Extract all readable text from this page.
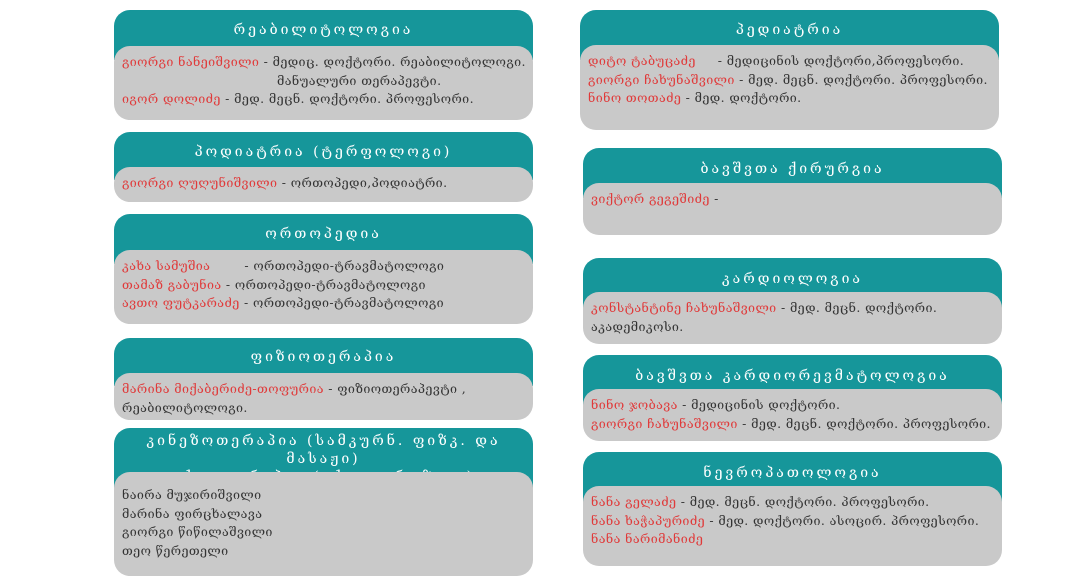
რეაბილიტოლოგია
გიორგი ნანეიშვილი - მედიც. დოქტორი. რეაბილიტოლოგი.
მანუალური თერაპევტი.
იგორ დოლიძე - მედ. მეცნ. დოქტორი. პროფესორი.
პოდიატრია (ტერფოლოგი)
გიორგი ღუღუნიშვილი - ორთოპედი,პოდიატრი.
ორთოპედია
კახა სამუშია	- ორთოპედი-ტრავმატოლოგი
თამაზ გაბუნია - ორთოპედი-ტრავმატოლოგი
ავთო ფუტკარაძე - ორთოპედი-ტრავმატოლოგი
ფიზიოთერაპია
მარინა მიქაბერიძე-თოფურია - ფიზიოთერაპევტი ,
რეაბილიტოლოგი.
კინეზოთერაპია (სამკურნ. ფიზკ. და მასაჟი)
ნაირა მუჯირიშვილი
მარინა ფირცხალავა
გიორგი წიწილაშვილი
თეო წერეთელი
პედიატრია
დიტო ტაბუცაძე - მედიცინის დოქტორი,პროფესორი.
გიორგი ჩახუნაშვილი - მედ. მეცნ. დოქტორი. პროფესორი.
ნინო თოთაძე - მედ. დოქტორი.
ბავშვთა ქირურგია
ვიქტორ გეგეშიძე -
კარდიოლოგია
კონსტანტინე ჩახუნაშვილი - მედ. მეცნ. დოქტორი.
აკადემიკოსი.
ბავშვთა კარდიორევმატოლოგია
ნინო ჯობავა - მედიცინის დოქტორი.
გიორგი ჩახუნაშვილი - მედ. მეცნ. დოქტორი. პროფესორი.
ნევროპათოლოგია
ნანა გელაძე - მედ. მეცნ. დოქტორი. პროფესორი.
ნანა ხაჭაპურიძე - მედ. დოქტორი. ასოცირ. პროფესორი.
ნანა ნარიმანიძე
